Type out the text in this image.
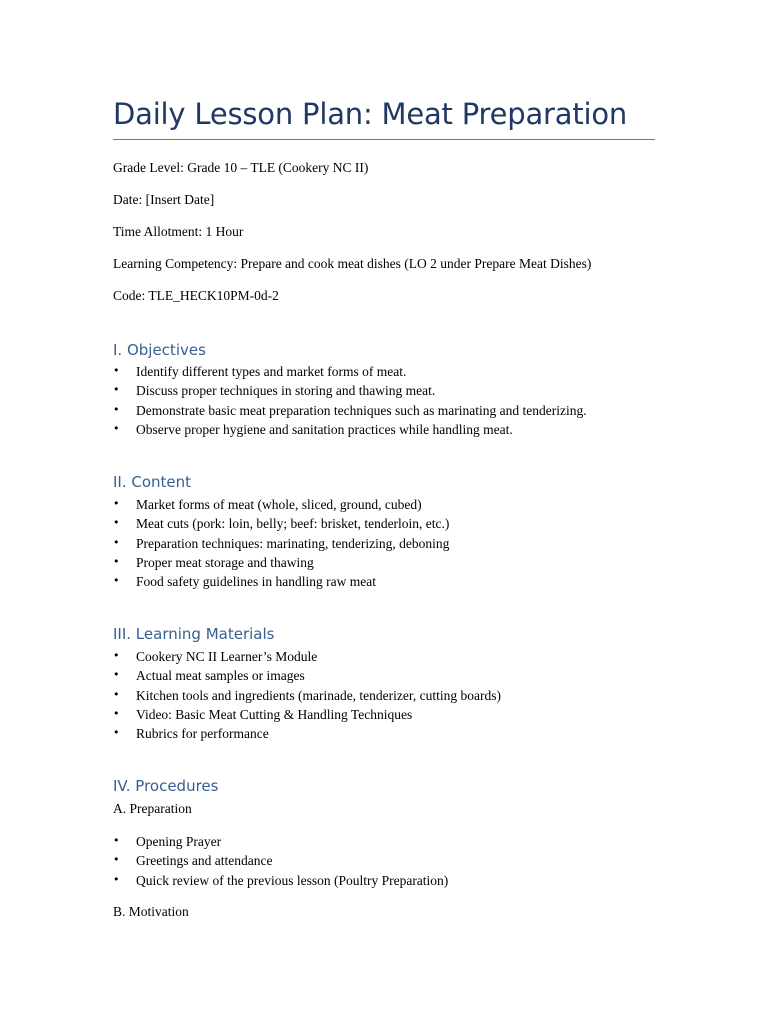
Daily Lesson Plan: Meat Preparation
Grade Level: Grade 10 – TLE (Cookery NC II)
Date: [Insert Date]
Time Allotment: 1 Hour
Learning Competency: Prepare and cook meat dishes (LO 2 under Prepare Meat Dishes)
Code: TLE_HECK10PM-0d-2
I. Objectives
•	Identify different types and market forms of meat.
•	Discuss proper techniques in storing and thawing meat.
•	Demonstrate basic meat preparation techniques such as marinating and tenderizing.
•	Observe proper hygiene and sanitation practices while handling meat.
II. Content
•	Market forms of meat (whole, sliced, ground, cubed)
•	Meat cuts (pork: loin, belly; beef: brisket, tenderloin, etc.)
•	Preparation techniques: marinating, tenderizing, deboning
•	Proper meat storage and thawing
•	Food safety guidelines in handling raw meat
III. Learning Materials
•	Cookery NC II Learner’s Module
•	Actual meat samples or images
•	Kitchen tools and ingredients (marinade, tenderizer, cutting boards)
•	Video: Basic Meat Cutting & Handling Techniques
•	Rubrics for performance
IV. Procedures
A. Preparation
•	Opening Prayer
•	Greetings and attendance
•	Quick review of the previous lesson (Poultry Preparation)
B. Motivation
